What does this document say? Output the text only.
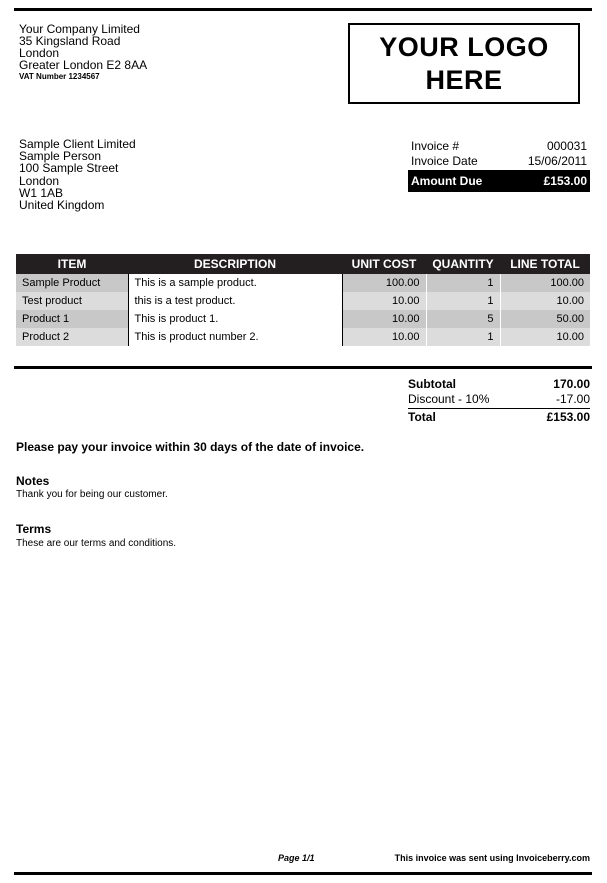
Your Company Limited
35 Kingsland Road
London
Greater London E2 8AA
VAT Number 1234567
YOUR LOGO
HERE
Sample Client Limited
Sample Person
100 Sample Street
London
W1 1AB
United Kingdom
Invoice #	000031
Invoice Date	15/06/2011
Amount Due	£153.00
ITEM	DESCRIPTION	UNIT COST	QUANTITY	LINE TOTAL
Sample Product	This is a sample product.	100.00	1	100.00
Test product	this is a test product.	10.00	1	10.00
Product 1	This is product 1.	10.00	5	50.00
Product 2	This is product number 2.	10.00	1	10.00
Subtotal	170.00
Discount - 10%	-17.00
Total	£153.00
Please pay your invoice within 30 days of the date of invoice.
Notes
Thank you for being our customer.
Terms
These are our terms and conditions.
Page 1/1	This invoice was sent using Invoiceberry.com
